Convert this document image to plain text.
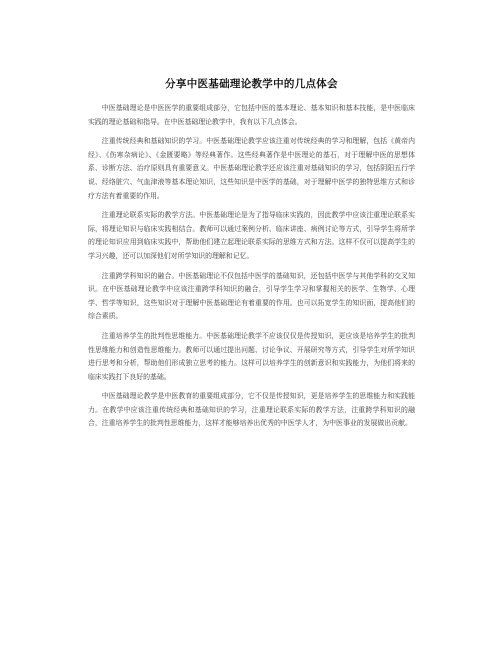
分享中医基础理论教学中的几点体会

中医基础理论是中医医学的重要组成部分，它包括中医的基本理论、基本知识和基本技能，是中医临床实践的理论基础和指导。在中医基础理论教学中，我有以下几点体会。

注重传统经典和基础知识的学习。中医基础理论教学应该注重对传统经典的学习和理解，包括《黄帝内经》、《伤寒杂病论》、《金匮要略》等经典著作。这些经典著作是中医理论的基石，对于理解中医的思想体系、诊断方法、治疗原则具有重要意义。中医基础理论教学还应该注重对基础知识的学习，包括阴阳五行学说、经络脏穴、气血津液等基本理论知识，这些知识是中医学的基础，对于理解中医学的独特思维方式和诊疗方法有着重要的作用。

注重理论联系实际的教学方法。中医基础理论是为了指导临床实践的，因此教学中应该注重理论联系实际，将理论知识与临床实践相结合。教师可以通过案例分析、临床讲座、病例讨论等方式，引导学生将所学的理论知识应用到临床实践中，帮助他们建立起理论联系实际的思维方式和方法。这样不仅可以提高学生的学习兴趣，还可以加深他们对所学知识的理解和记忆。

注重跨学科知识的融合。中医基础理论不仅包括中医学的基础知识，还包括中医学与其他学科的交叉知识。在中医基础理论教学中应该注重跨学科知识的融合，引导学生学习和掌握相关的医学、生物学、心理学、哲学等知识，这些知识对于理解中医基础理论有着重要的作用。也可以拓宽学生的知识面，提高他们的综合素质。

注重培养学生的批判性思维能力。中医基础理论教学不应该仅仅是传授知识，更应该是培养学生的批判性思维能力和创造性思维能力。教师可以通过提出问题、讨论争议、开展研究等方式，引导学生对所学知识进行思考和分析，帮助他们形成独立思考的能力。这样可以培养学生的创新意识和实践能力，为他们将来的临床实践打下良好的基础。

中医基础理论教学是中医教育的重要组成部分，它不仅是传授知识，更是培养学生的思维能力和实践能力。在教学中应该注重传统经典和基础知识的学习，注重理论联系实际的教学方法，注重跨学科知识的融合，注重培养学生的批判性思维能力，这样才能够培养出优秀的中医学人才，为中医事业的发展做出贡献。
